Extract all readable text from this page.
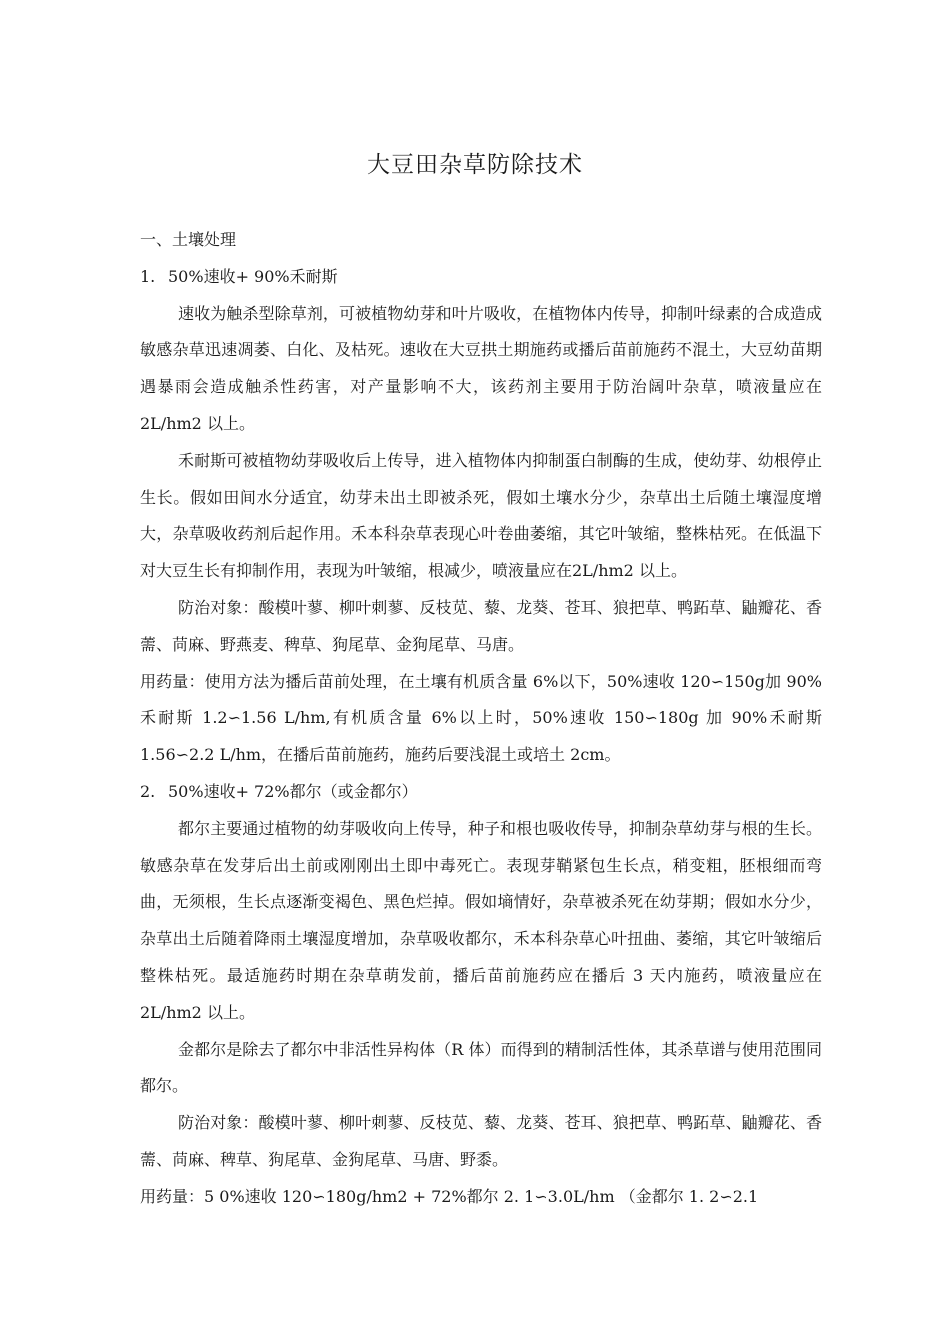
大豆田杂草防除技术

一、土壤处理

1. 50%速收+ 90%禾耐斯

速收为触杀型除草剂，可被植物幼芽和叶片吸收，在植物体内传导，抑制叶绿素的合成造成敏感杂草迅速凋萎、白化、及枯死。速收在大豆拱土期施药或播后苗前施药不混土，大豆幼苗期遇暴雨会造成触杀性药害，对产量影响不大，该药剂主要用于防治阔叶杂草，喷液量应在2L/hm2 以上。

禾耐斯可被植物幼芽吸收后上传导，进入植物体内抑制蛋白制酶的生成，使幼芽、幼根停止生长。假如田间水分适宜，幼芽未出土即被杀死，假如土壤水分少，杂草出土后随土壤湿度增大，杂草吸收药剂后起作用。禾本科杂草表现心叶卷曲萎缩，其它叶皱缩，整株枯死。在低温下对大豆生长有抑制作用，表现为叶皱缩，根减少，喷液量应在2L/hm2 以上。

防治对象：酸模叶蓼、柳叶刺蓼、反枝苋、藜、龙葵、苍耳、狼把草、鸭跖草、鼬瓣花、香薷、苘麻、野燕麦、稗草、狗尾草、金狗尾草、马唐。

用药量：使用方法为播后苗前处理，在土壤有机质含量 6%以下，50%速收 120∽150g加 90%禾耐斯 1.2∽1.56 L/hm,有机质含量 6%以上时，50%速收 150∽180g 加 90%禾耐斯1.56∽2.2 L/hm，在播后苗前施药，施药后要浅混土或培土 2cm。

2. 50%速收+ 72%都尔（或金都尔）

都尔主要通过植物的幼芽吸收向上传导，种子和根也吸收传导，抑制杂草幼芽与根的生长。敏感杂草在发芽后出土前或刚刚出土即中毒死亡。表现芽鞘紧包生长点，稍变粗，胚根细而弯曲，无须根，生长点逐渐变褐色、黑色烂掉。假如墒情好，杂草被杀死在幼芽期；假如水分少，杂草出土后随着降雨土壤湿度增加，杂草吸收都尔，禾本科杂草心叶扭曲、萎缩，其它叶皱缩后整株枯死。最适施药时期在杂草萌发前，播后苗前施药应在播后 3 天内施药，喷液量应在 2L/hm2 以上。

金都尔是除去了都尔中非活性异构体（R 体）而得到的精制活性体，其杀草谱与使用范围同都尔。

防治对象：酸模叶蓼、柳叶刺蓼、反枝苋、藜、龙葵、苍耳、狼把草、鸭跖草、鼬瓣花、香薷、苘麻、稗草、狗尾草、金狗尾草、马唐、野黍。

用药量：5 0%速收 120∽180g/hm2 + 72%都尔 2. 1∽3.0L/hm （金都尔 1. 2∽2.1
